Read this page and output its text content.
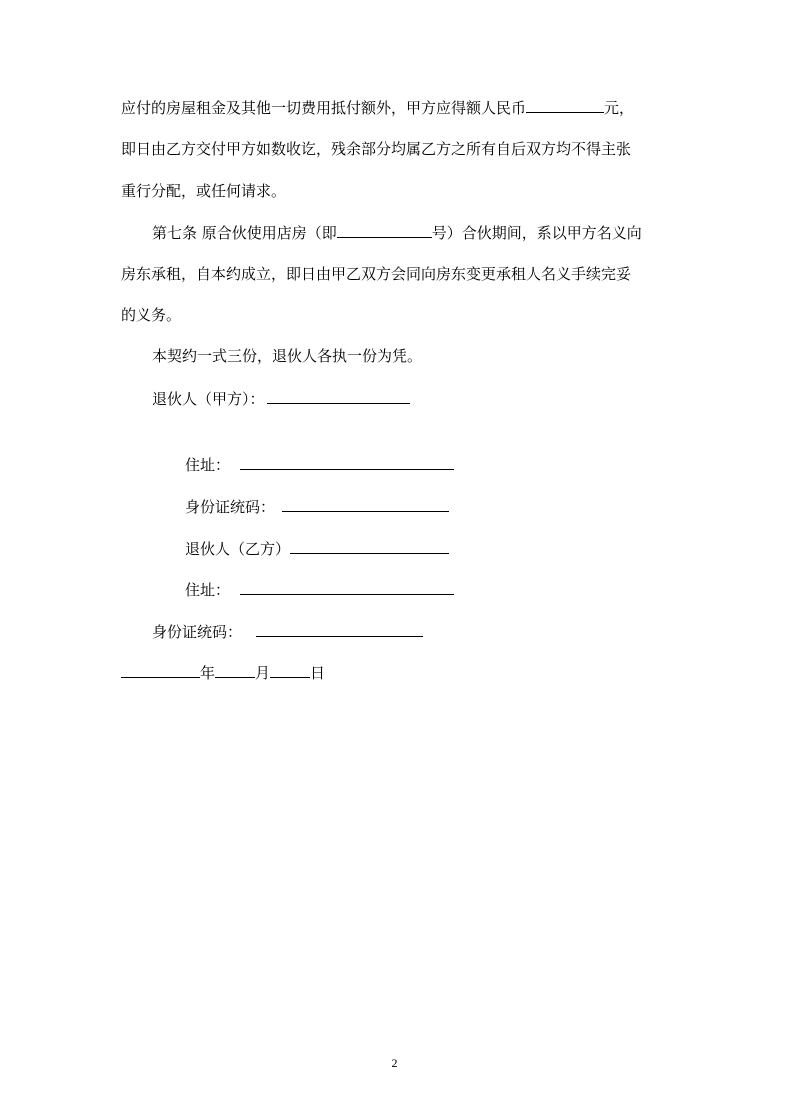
应付的房屋租金及其他一切费用抵付额外，甲方应得额人民币	元，
即日由乙方交付甲方如数收讫，残余部分均属乙方之所有自后双方均不得主张
重行分配，或任何请求。
第七条 原合伙使用店房（即	号）合伙期间，系以甲方名义向
房东承租，自本约成立，即日由甲乙双方会同向房东变更承租人名义手续完妥
的义务。
本契约一式三份，退伙人各执一份为凭。
退伙人（甲方）：
住址：
身份证统码：
退伙人（乙方）
住址：
身份证统码：
年	月	日
2
